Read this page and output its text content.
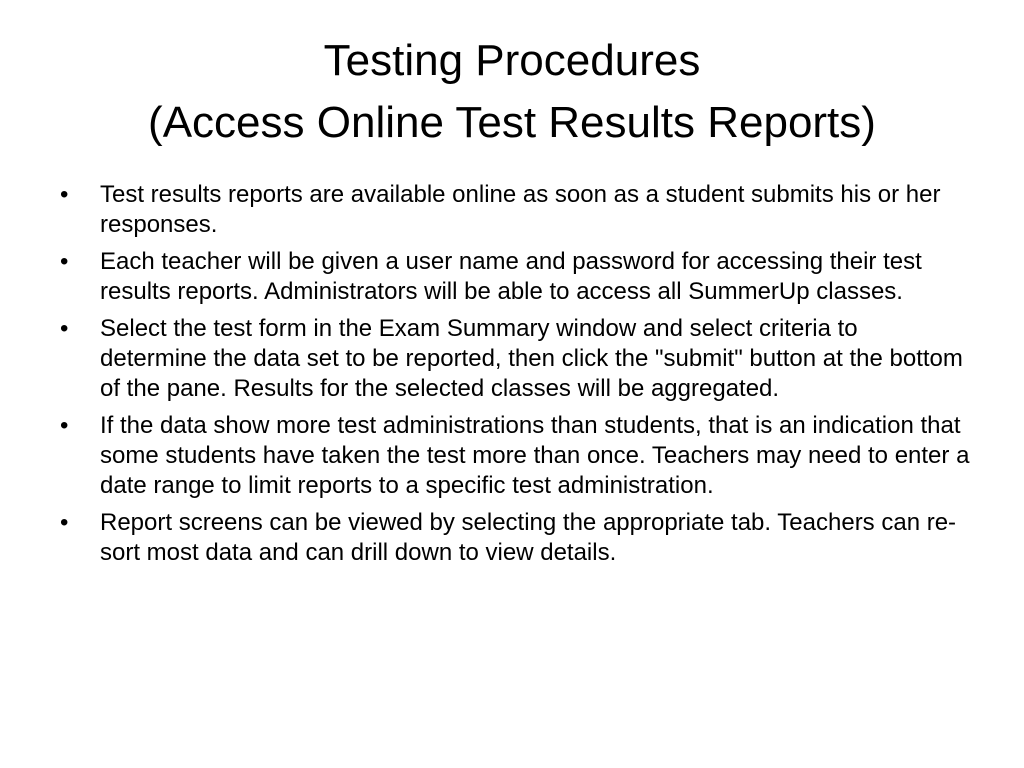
Testing Procedures
(Access Online Test Results Reports)
•	Test results reports are available online as soon as a student submits his or her responses.
•	Each teacher will be given a user name and password for accessing their test results reports. Administrators will be able to access all SummerUp classes.
•	Select the test form in the Exam Summary window and select criteria to determine the data set to be reported, then click the "submit" button at the bottom of the pane. Results for the selected classes will be aggregated.
•	If the data show more test administrations than students, that is an indication that some students have taken the test more than once. Teachers may need to enter a date range to limit reports to a specific test administration.
•	Report screens can be viewed by selecting the appropriate tab. Teachers can re-sort most data and can drill down to view details.
